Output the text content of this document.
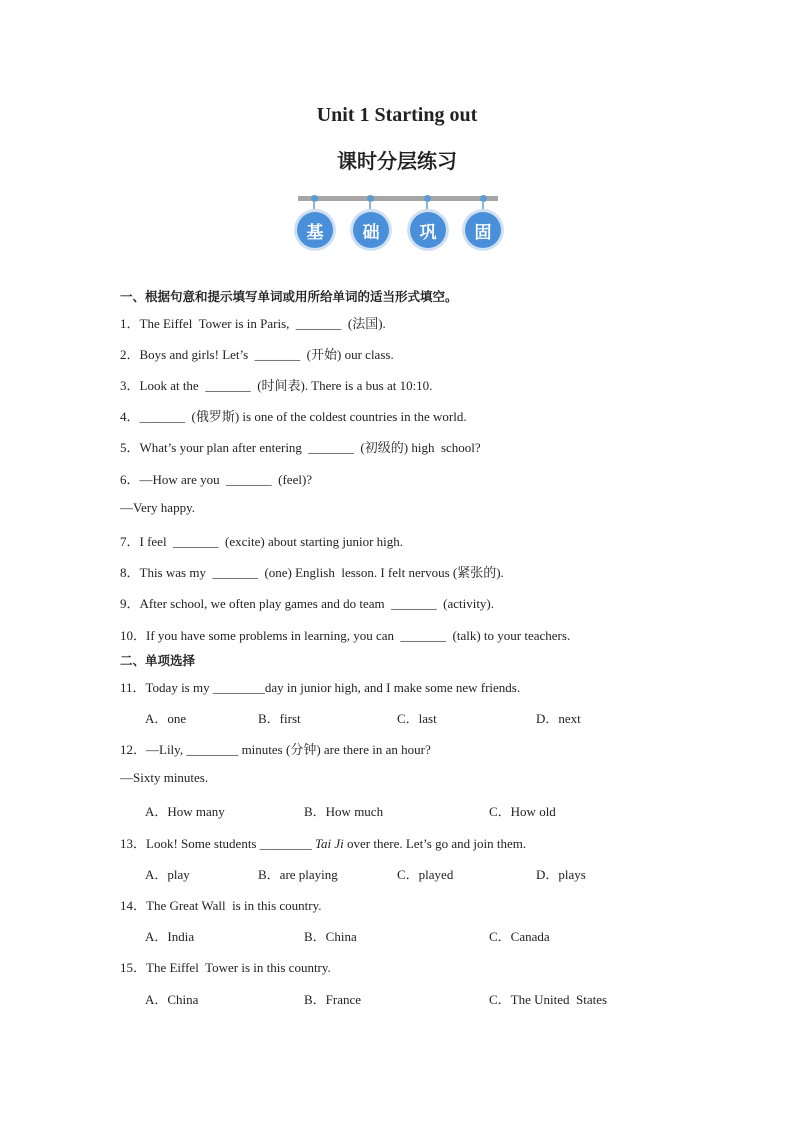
Unit 1 Starting out
课时分层练习
基	础	巩	固
一、根据句意和提示填写单词或用所给单词的适当形式填空。
1．The Eiffel  Tower is in Paris,  _______  (法国).
2．Boys and girls! Let’s  _______  (开始) our class.
3．Look at the  _______  (时间表). There is a bus at 10:10.
4．_______  (俄罗斯) is one of the coldest countries in the world.
5．What’s your plan after entering  _______  (初级的) high  school?
6．—How are you  _______  (feel)?
—Very happy.
7．I feel  _______  (excite) about starting junior high.
8．This was my  _______  (one) English  lesson. I felt nervous (紧张的).
9．After school, we often play games and do team  _______  (activity).
10．If you have some problems in learning, you can  _______  (talk) to your teachers.
二、单项选择
11．Today is my ________day in junior high, and I make some new friends.
A．one	B．first	C．last	D．next
12．—Lily, ________ minutes (分钟) are there in an hour?
—Sixty minutes.
A．How many	B．How much	C．How old
13．Look! Some students ________ Tai Ji over there. Let’s go and join them.
A．play	B．are playing	C．played	D．plays
14．The Great Wall  is in this country.
A．India	B．China	C．Canada
15．The Eiffel  Tower is in this country.
A．China	B．France	C．The United  States
